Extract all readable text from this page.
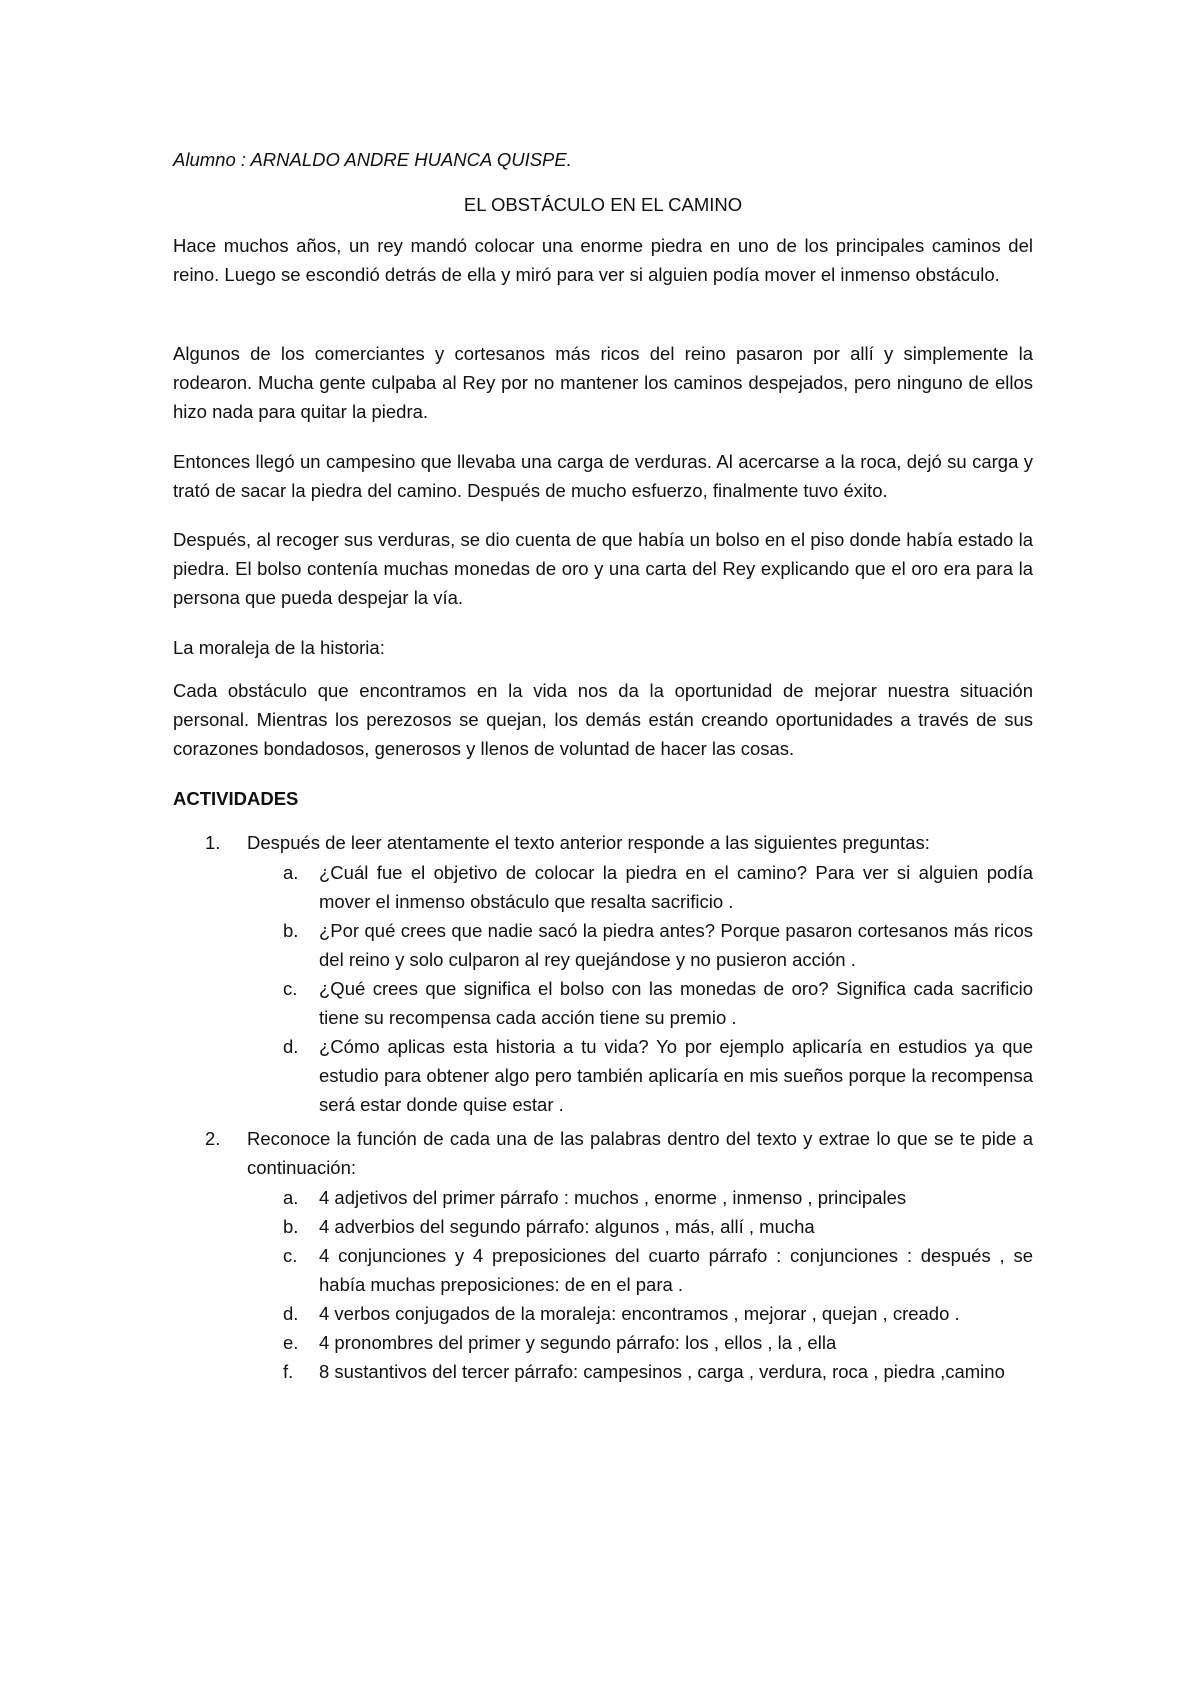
Alumno : ARNALDO ANDRE HUANCA QUISPE.
EL OBSTÁCULO EN EL CAMINO

Hace muchos años, un rey mandó colocar una enorme piedra en uno de los principales caminos del reino. Luego se escondió detrás de ella y miró para ver si alguien podía mover el inmenso obstáculo.

Algunos de los comerciantes y cortesanos más ricos del reino pasaron por allí y simplemente la rodearon. Mucha gente culpaba al Rey por no mantener los caminos despejados, pero ninguno de ellos hizo nada para quitar la piedra.

Entonces llegó un campesino que llevaba una carga de verduras. Al acercarse a la roca, dejó su carga y trató de sacar la piedra del camino. Después de mucho esfuerzo, finalmente tuvo éxito.

Después, al recoger sus verduras, se dio cuenta de que había un bolso en el piso donde había estado la piedra. El bolso contenía muchas monedas de oro y una carta del Rey explicando que el oro era para la persona que pueda despejar la vía.

La moraleja de la historia:

Cada obstáculo que encontramos en la vida nos da la oportunidad de mejorar nuestra situación personal. Mientras los perezosos se quejan, los demás están creando oportunidades a través de sus corazones bondadosos, generosos y llenos de voluntad de hacer las cosas.

ACTIVIDADES
1. Después de leer atentamente el texto anterior responde a las siguientes preguntas:
a. ¿Cuál fue el objetivo de colocar la piedra en el camino? Para ver si alguien podía mover el inmenso obstáculo que resalta sacrificio .
b. ¿Por qué crees que nadie sacó la piedra antes? Porque pasaron cortesanos más ricos del reino y solo culparon al rey quejándose y no pusieron acción .
c. ¿Qué crees que significa el bolso con las monedas de oro? Significa cada sacrificio tiene su recompensa cada acción tiene su premio .
d. ¿Cómo aplicas esta historia a tu vida? Yo por ejemplo aplicaría en estudios ya que estudio para obtener algo pero también aplicaría en mis sueños porque la recompensa será estar donde quise estar .
2. Reconoce la función de cada una de las palabras dentro del texto y extrae lo que se te pide a continuación:
a. 4 adjetivos del primer párrafo : muchos , enorme , inmenso , principales
b. 4 adverbios del segundo párrafo: algunos , más, allí , mucha
c. 4 conjunciones y 4 preposiciones del cuarto párrafo : conjunciones : después , se había muchas preposiciones: de en el para .
d. 4 verbos conjugados de la moraleja: encontramos , mejorar , quejan , creado .
e. 4 pronombres del primer y segundo párrafo: los , ellos , la , ella
f. 8 sustantivos del tercer párrafo: campesinos , carga , verdura, roca , piedra ,camino
